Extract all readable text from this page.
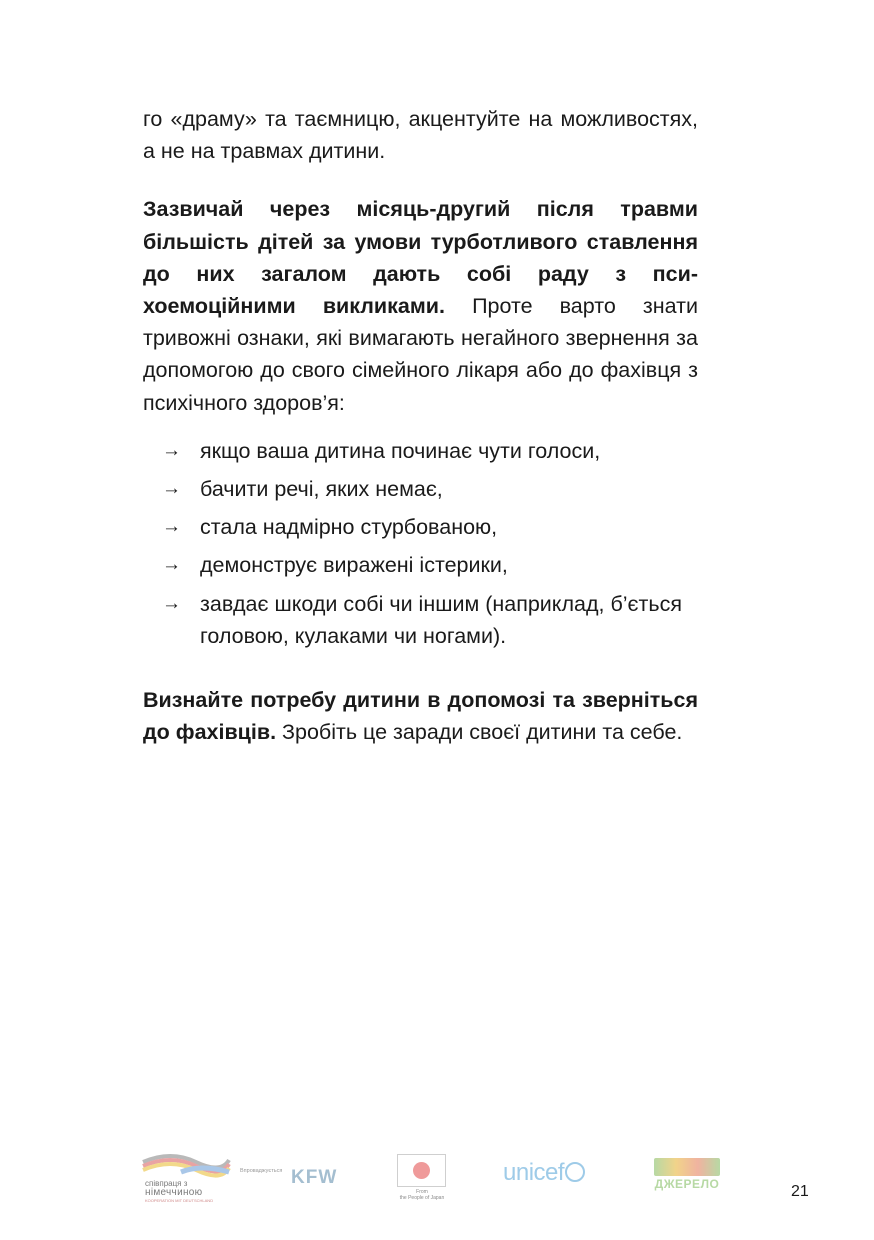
го «драму» та таємницю, акцентуйте на можливостях, а не на травмах дитини.

Зазвичай через місяць-другий після травми більшість дітей за умови турботливого ставлення до них загалом дають собі раду з психоемоційними викликами. Проте варто знати тривожні ознаки, які вимагають негайного звернення за допомогою до свого сімейного лікаря або до фахівця з психічного здоров’я:

→ якщо ваша дитина починає чути голоси,
→ бачити речі, яких немає,
→ стала надмірно стурбованою,
→ демонструє виражені істерики,
→ завдає шкоди собі чи іншим (наприклад, б’ється головою, кулаками чи ногами).

Визнайте потребу дитини в допомозі та зверніться до фахівців. Зробіть це заради своєї дитини та себе.

співпраця з
німеччиною
KOOPERATION MIT DEUTSCHLAND
Впроваджується KFW
From
the People of Japan
unicef	ДЖЕРЕЛО	21
